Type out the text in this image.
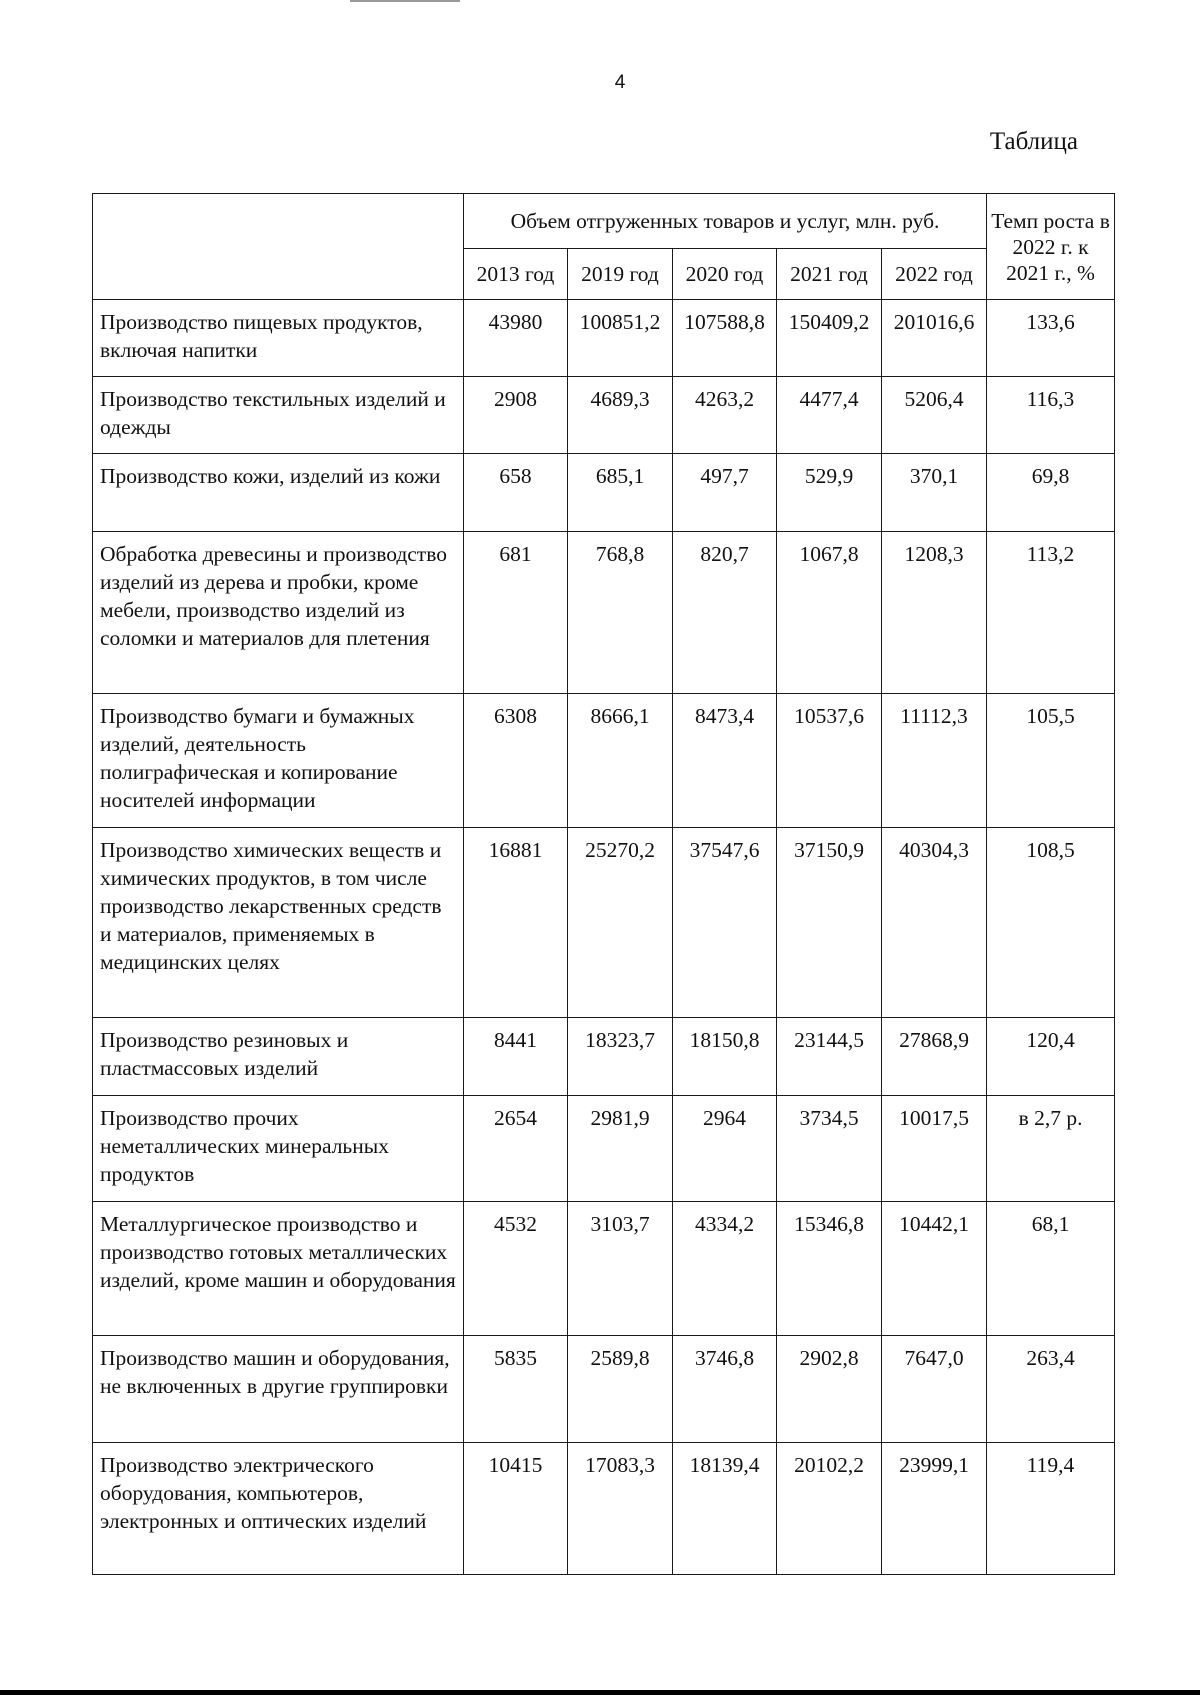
4
Таблица
	Объем отгруженных товаров и услуг, млн. руб.					Темп роста в 2022 г. к 2021 г., %
	2013 год	2019 год	2020 год	2021 год	2022 год	
Производство пищевых продуктов, включая напитки	43980	100851,2	107588,8	150409,2	201016,6	133,6
Производство текстильных изделий и одежды	2908	4689,3	4263,2	4477,4	5206,4	116,3
Производство кожи, изделий из кожи	658	685,1	497,7	529,9	370,1	69,8
Обработка древесины и производство изделий из дерева и пробки, кроме мебели, производство изделий из соломки и материалов для плетения	681	768,8	820,7	1067,8	1208,3	113,2
Производство бумаги и бумажных изделий, деятельность полиграфическая и копирование носителей информации	6308	8666,1	8473,4	10537,6	11112,3	105,5
Производство химических веществ и химических продуктов, в том числе производство лекарственных средств и материалов, применяемых в медицинских целях	16881	25270,2	37547,6	37150,9	40304,3	108,5
Производство резиновых и пластмассовых изделий	8441	18323,7	18150,8	23144,5	27868,9	120,4
Производство прочих неметаллических минеральных продуктов	2654	2981,9	2964	3734,5	10017,5	в 2,7 р.
Металлургическое производство и производство готовых металлических изделий, кроме машин и оборудования	4532	3103,7	4334,2	15346,8	10442,1	68,1
Производство машин и оборудования, не включенных в другие группировки	5835	2589,8	3746,8	2902,8	7647,0	263,4
Производство электрического оборудования, компьютеров, электронных и оптических изделий	10415	17083,3	18139,4	20102,2	23999,1	119,4
